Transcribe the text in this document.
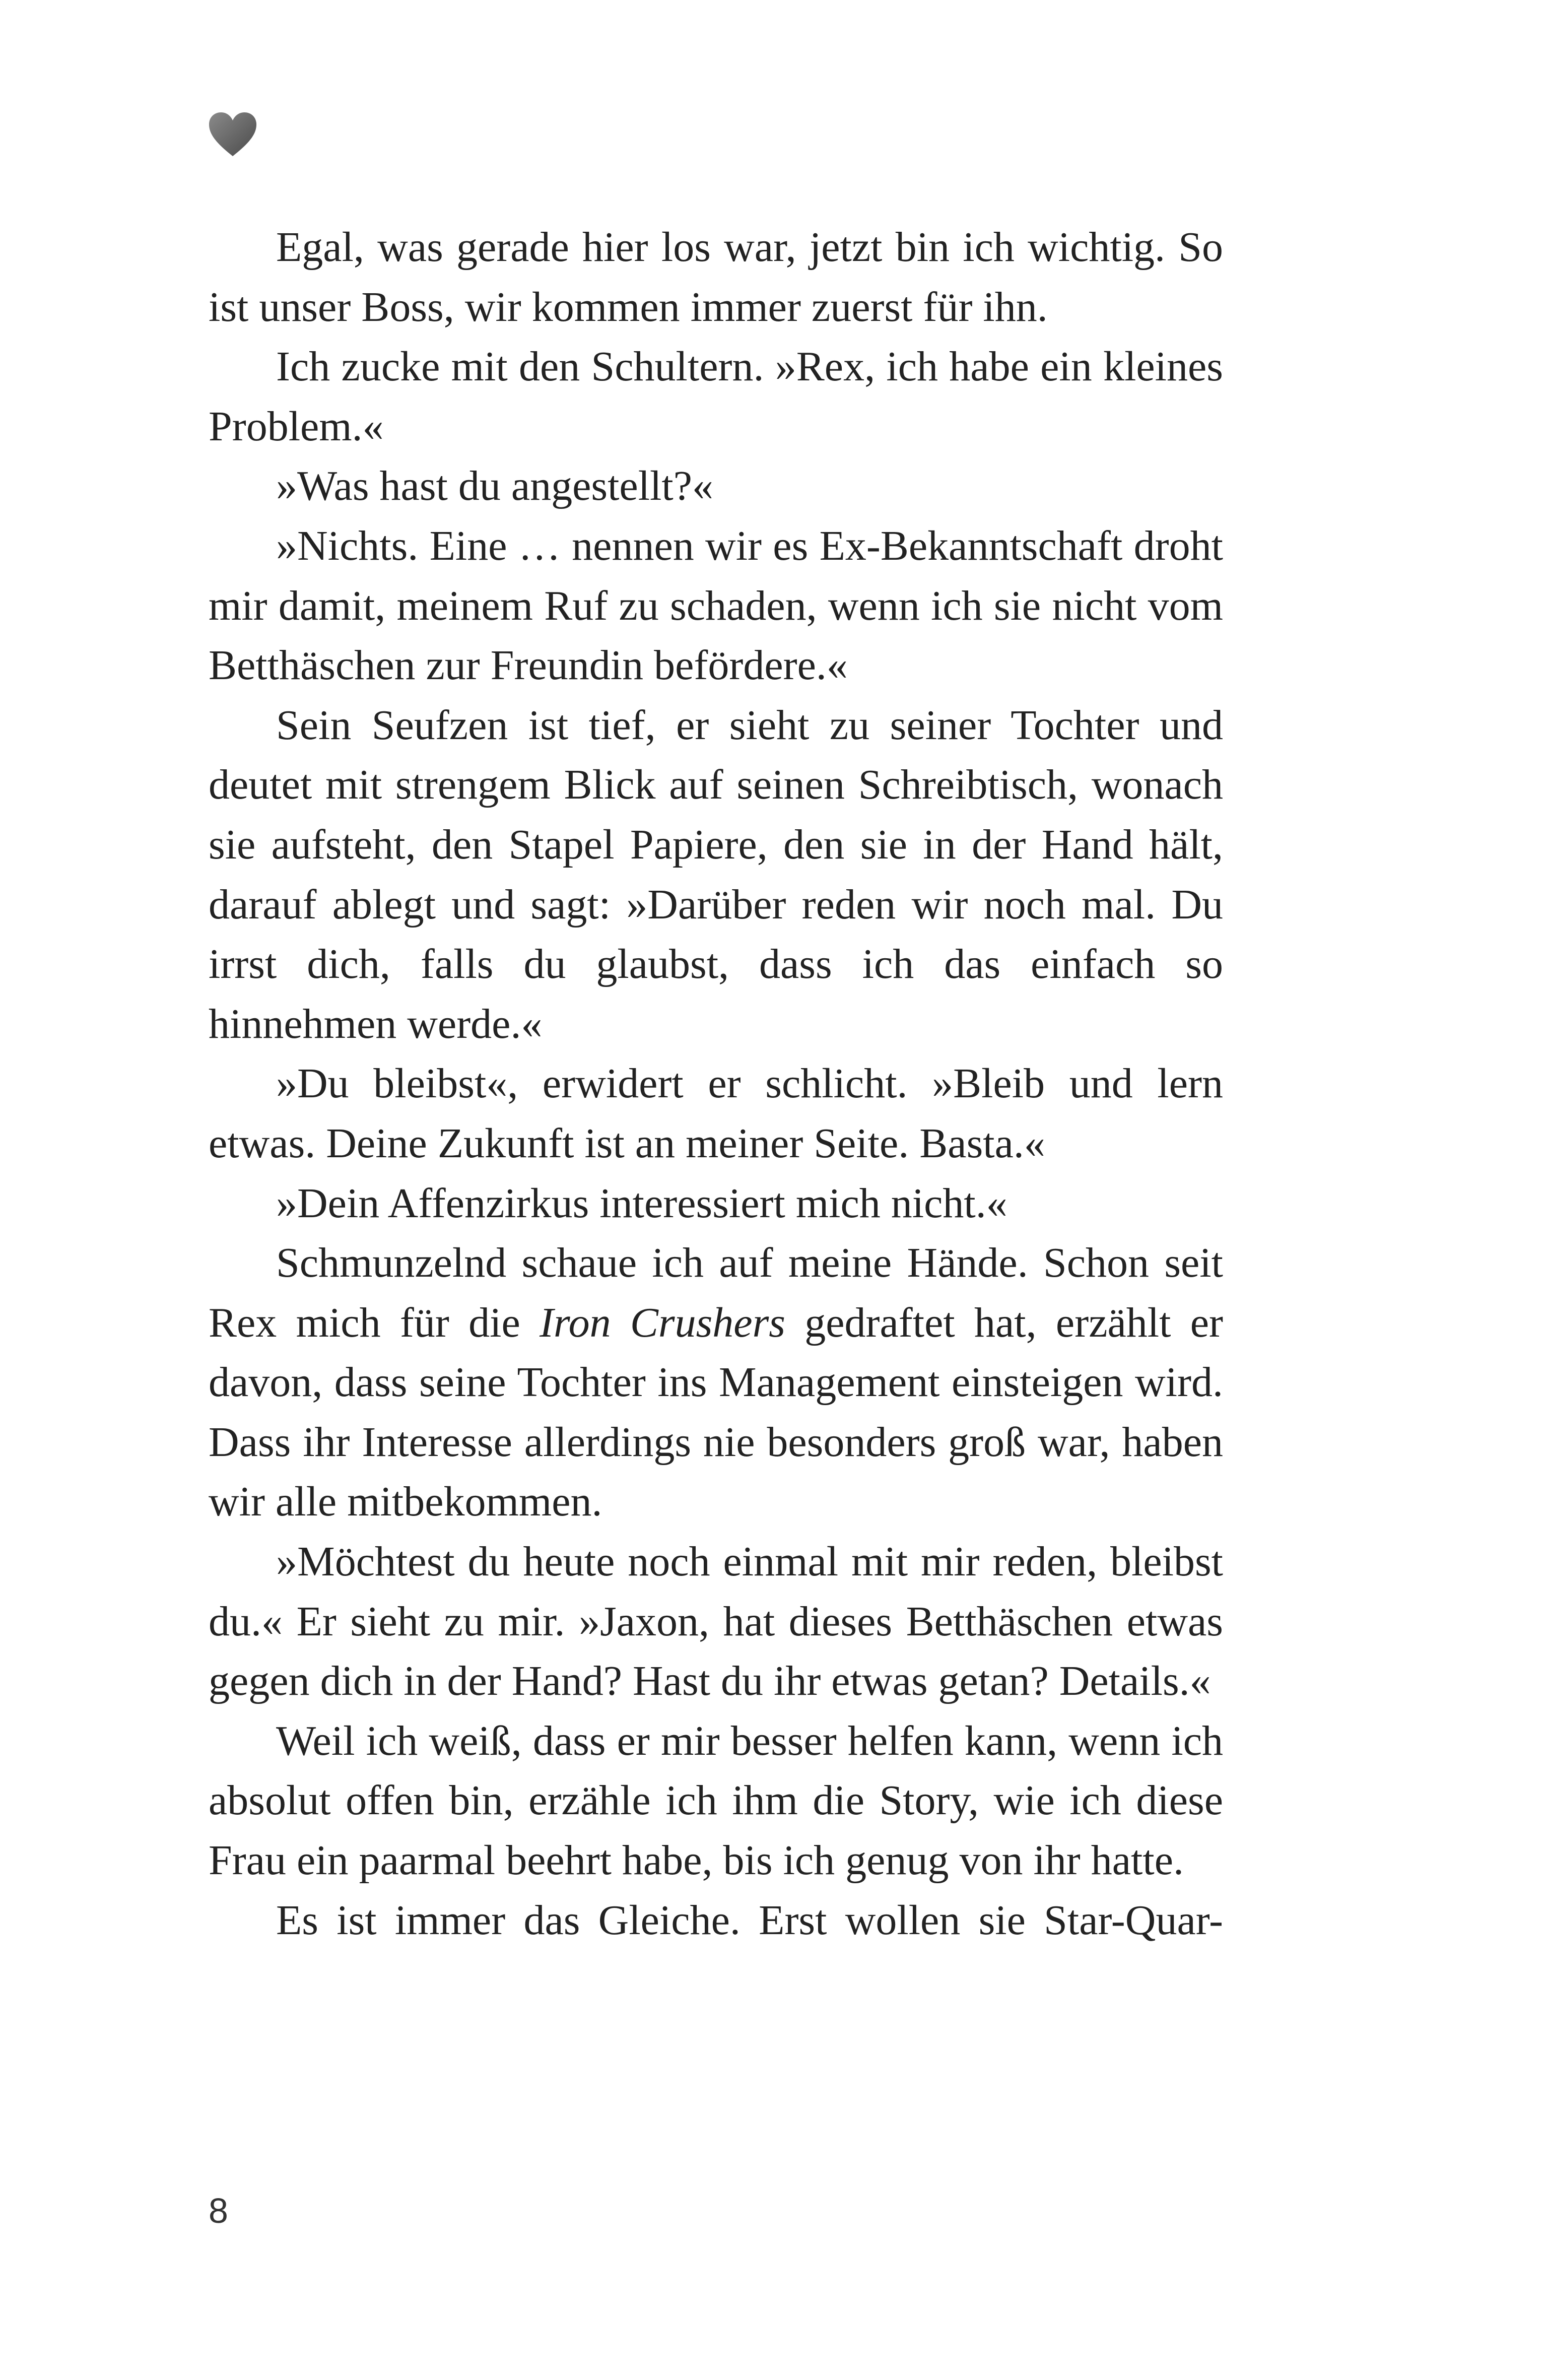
Egal, was gerade hier los war, jetzt bin ich wichtig. So ist unser Boss, wir kommen immer zuerst für ihn.

Ich zucke mit den Schultern. »Rex, ich habe ein kleines Problem.«

»Was hast du angestellt?«

»Nichts. Eine … nennen wir es Ex-Bekanntschaft droht mir damit, meinem Ruf zu schaden, wenn ich sie nicht vom Betthäschen zur Freundin befördere.«

Sein Seufzen ist tief, er sieht zu seiner Tochter und deutet mit strengem Blick auf seinen Schreibtisch, wonach sie aufsteht, den Stapel Papiere, den sie in der Hand hält, darauf ablegt und sagt: »Darüber reden wir noch mal. Du irrst dich, falls du glaubst, dass ich das einfach so hinnehmen werde.«

»Du bleibst«, erwidert er schlicht. »Bleib und lern etwas. Deine Zukunft ist an meiner Seite. Basta.«

»Dein Affenzirkus interessiert mich nicht.«

Schmunzelnd schaue ich auf meine Hände. Schon seit Rex mich für die Iron Crushers gedraftet hat, erzählt er davon, dass seine Tochter ins Management einsteigen wird. Dass ihr Interesse allerdings nie besonders groß war, haben wir alle mitbekommen.

»Möchtest du heute noch einmal mit mir reden, bleibst du.« Er sieht zu mir. »Jaxon, hat dieses Betthäschen etwas gegen dich in der Hand? Hast du ihr etwas getan? Details.«

Weil ich weiß, dass er mir besser helfen kann, wenn ich absolut offen bin, erzähle ich ihm die Story, wie ich diese Frau ein paarmal beehrt habe, bis ich genug von ihr hatte.

Es ist immer das Gleiche. Erst wollen sie Star-Quar-

8
